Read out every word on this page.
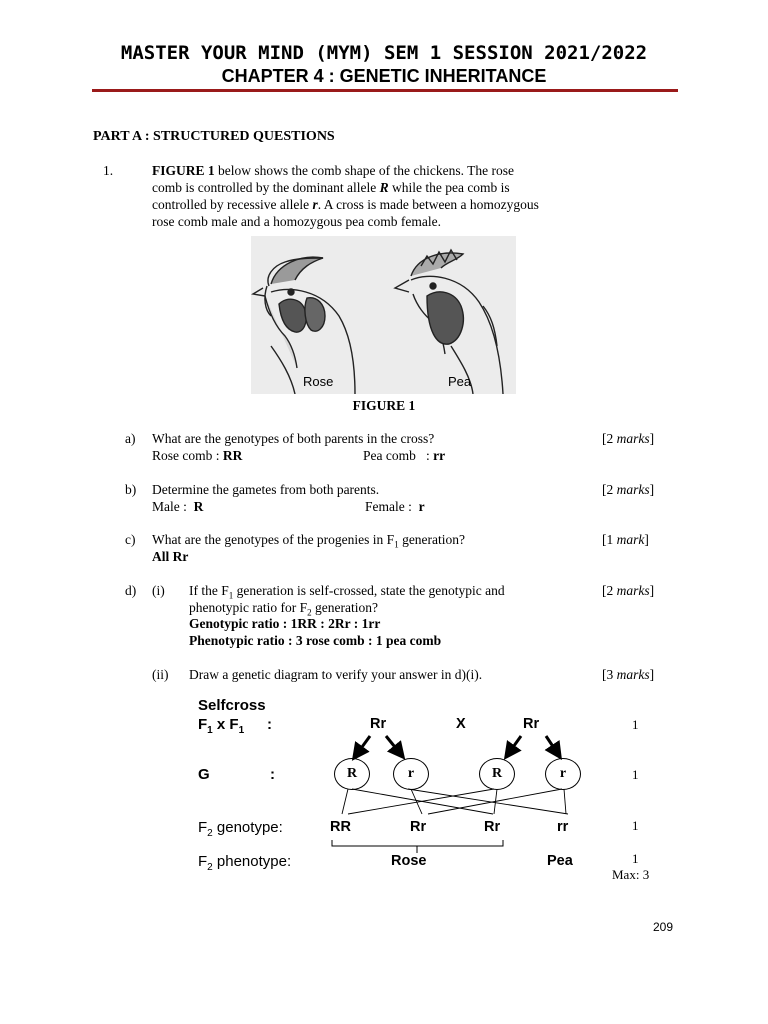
MASTER YOUR MIND (MYM) SEM 1 SESSION 2021/2022
CHAPTER 4 : GENETIC INHERITANCE
PART A : STRUCTURED QUESTIONS
1.	FIGURE 1 below shows the comb shape of the chickens. The rose
comb is controlled by the dominant allele R while the pea comb is
controlled by recessive allele r. A cross is made between a homozygous
rose comb male and a homozygous pea comb female.
Rose	Pea
FIGURE 1
a) What are the genotypes of both parents in the cross?	[2 marks]
Rose comb : RR	Pea comb   : rr
b) Determine the gametes from both parents.	[2 marks]
Male :  R	Female :  r
c) What are the genotypes of the progenies in $F_1$ generation?	[1 mark]
All Rr
d) (i) If the $F_1$ generation is self-crossed, state the genotypic and
phenotypic ratio for $F_2$ generation?
Genotypic ratio : 1RR : 2Rr : 1rr
Phenotypic ratio : 3 rose comb : 1 pea comb
[2 marks]
(ii) Draw a genetic diagram to verify your answer in d)(i).	[3 marks]
Selfcross
$F_1$ x $F_1$ :	Rr	X	Rr
G	:	R	r	R	r
$F_2$ genotype:	RR	Rr	Rr	rr
$F_2$ phenotype:	Rose	Pea
1
1
1
1
Max: 3
209
